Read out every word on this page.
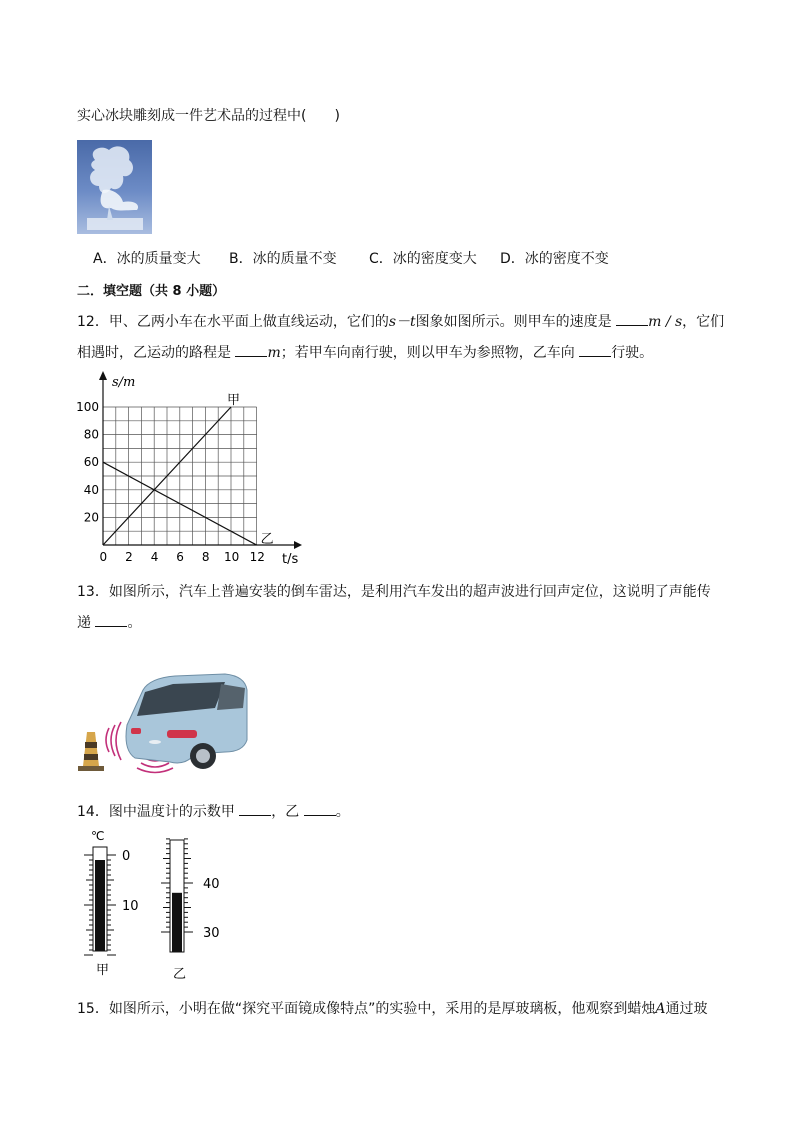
实心冰块雕刻成一件艺术品的过程中(　　)
A．冰的质量变大 B．冰的质量不变 C．冰的密度变大 D．冰的密度不变
二．填空题（共 8 小题）
12．甲、乙两小车在水平面上做直线运动，它们的s－t图象如图所示。则甲车的速度是	m / s，它们
相遇时，乙运动的路程是	m；若甲车向南行驶，则以甲车为参照物，乙车向	行驶。
s/m
t/s
0 2 4 6 8 10 12
20
40
60
80
100	甲
乙
13．如图所示，汽车上普遍安装的倒车雷达，是利用汽车发出的超声波进行回声定位，这说明了声能传
递	。
14．图中温度计的示数甲	，乙	。
℃
0
10
甲
40
30
乙
15．如图所示，小明在做“探究平面镜成像特点”的实验中，采用的是厚玻璃板，他观察到蜡烛A通过玻
